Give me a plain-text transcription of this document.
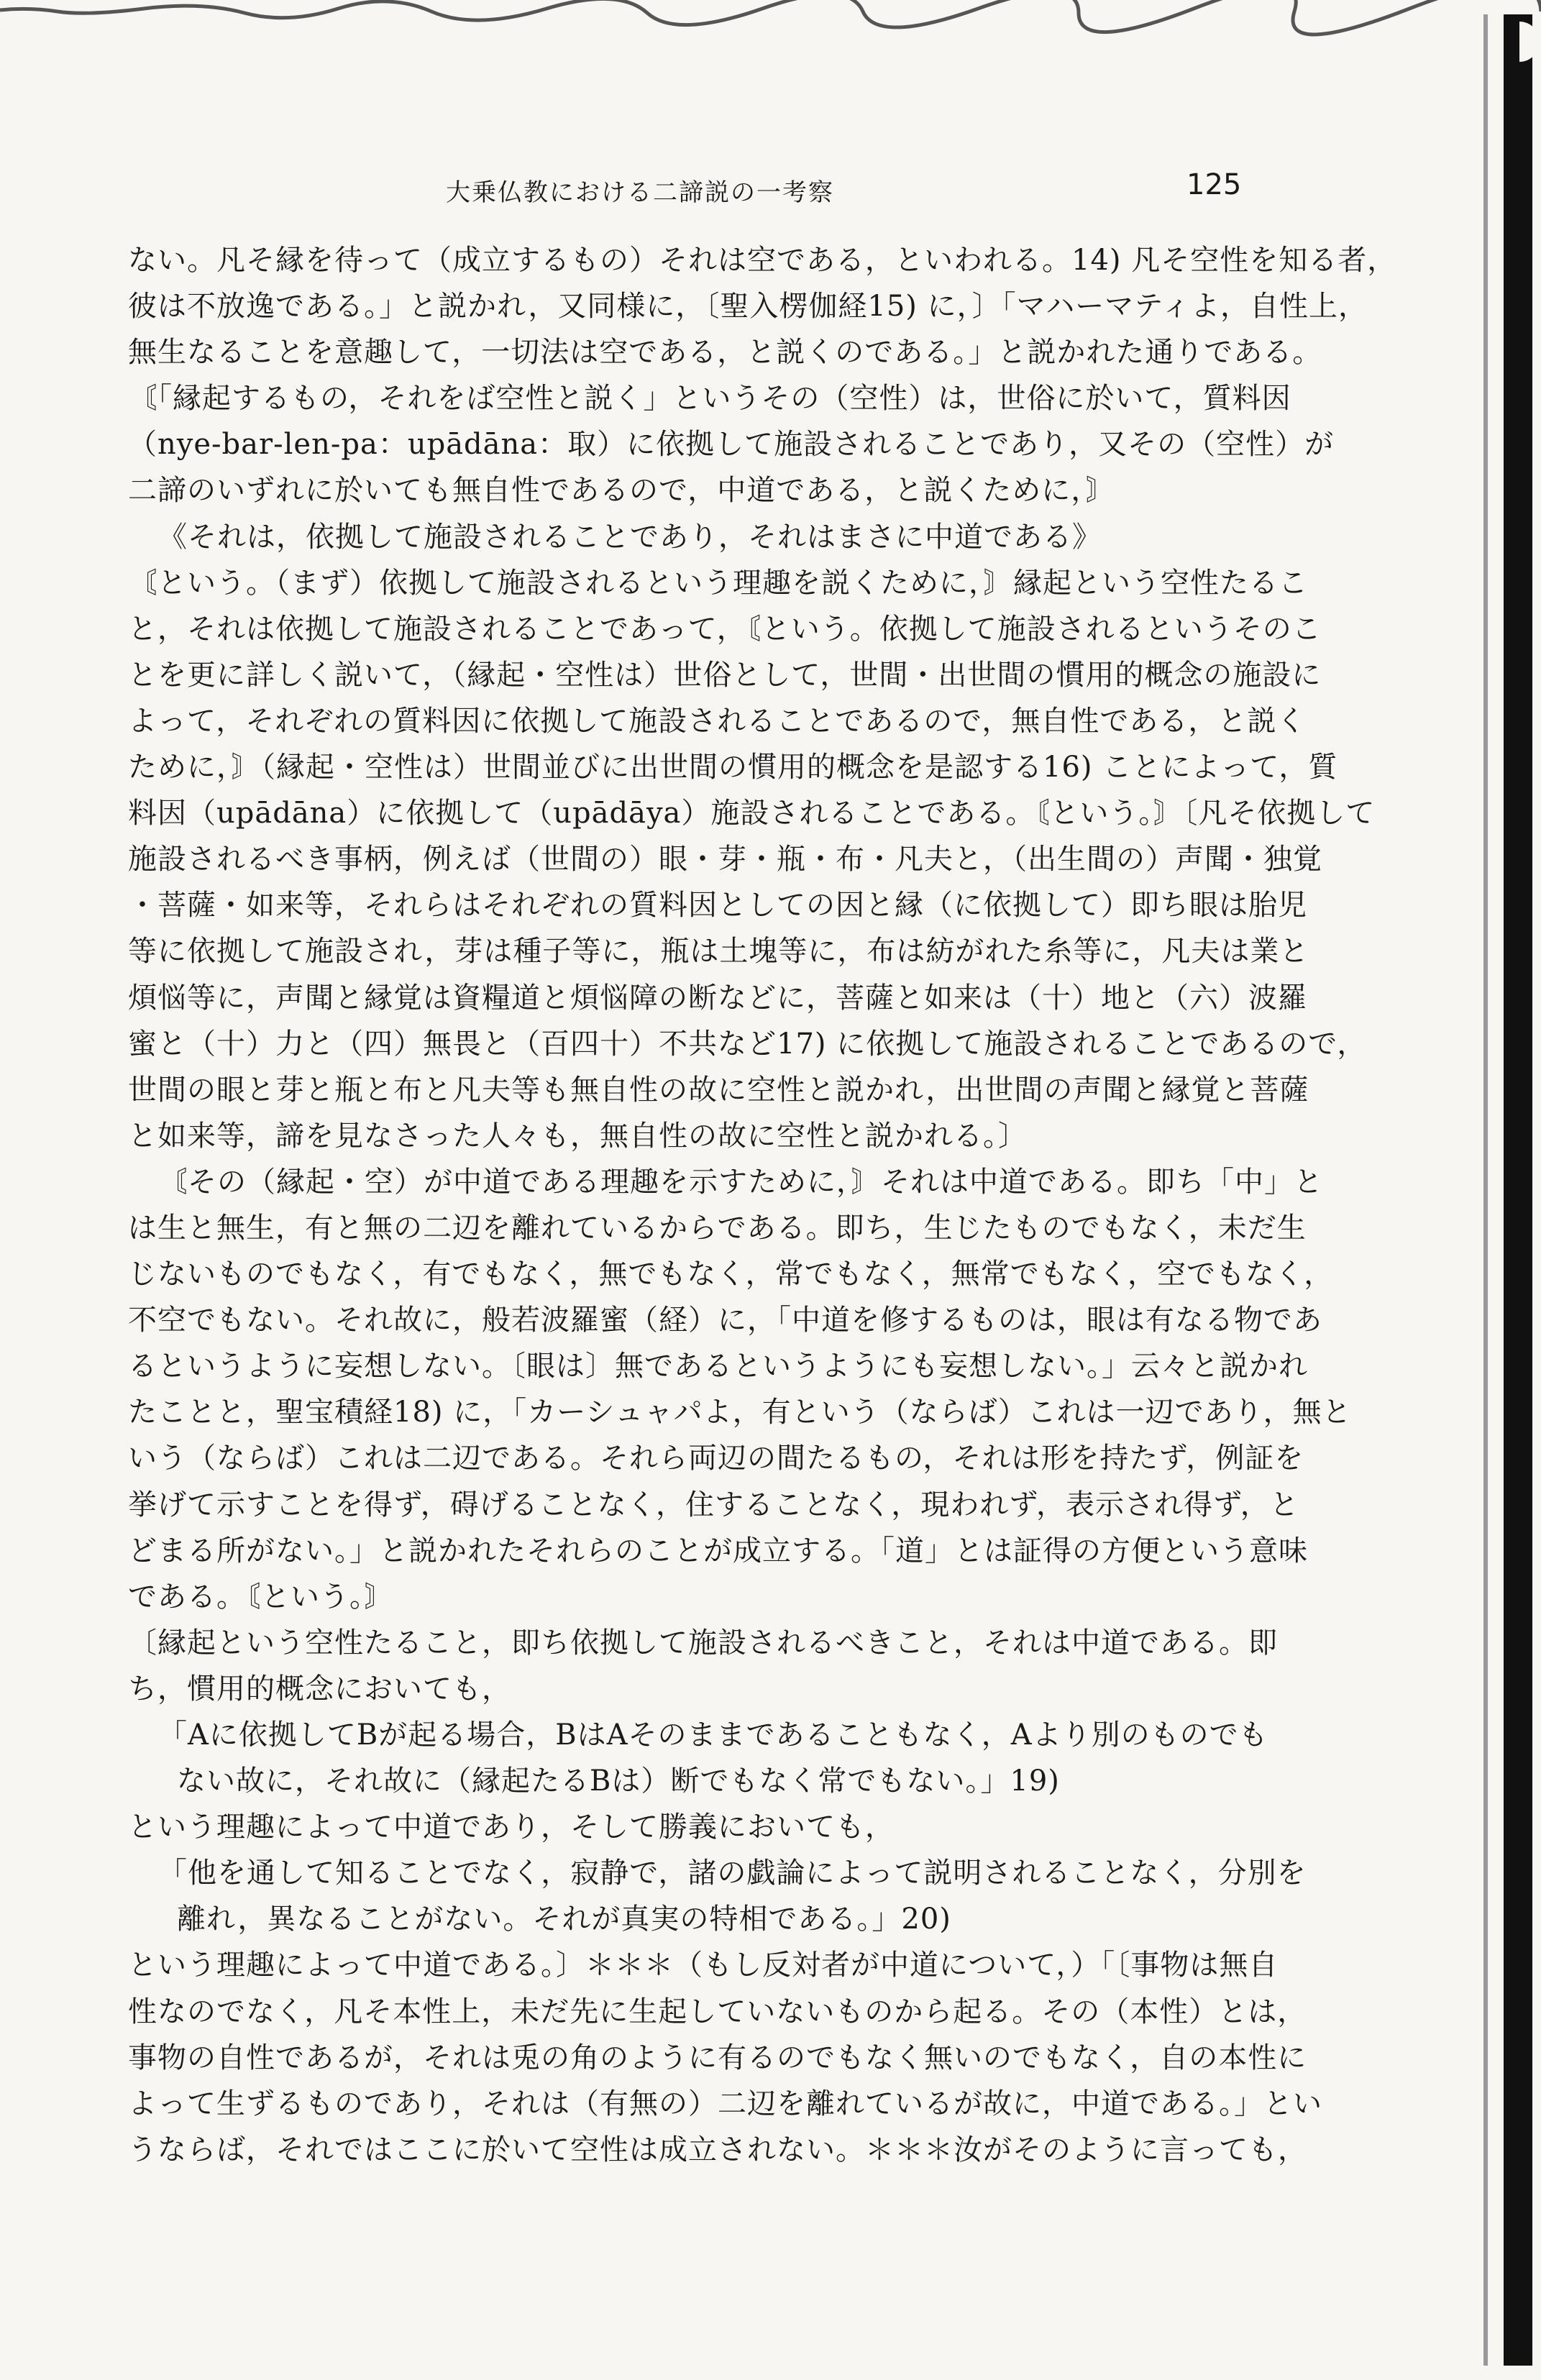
大乗仏教における二諦説の一考察	125
ない。凡そ縁を待って（成立するもの）それは空である，といわれる。14) 凡そ空性を知る者，
彼は不放逸である。」と説かれ，又同様に，〔聖入楞伽経15) に，〕「マハーマティよ，自性上，
無生なることを意趣して，一切法は空である，と説くのである。」と説かれた通りである。
〘「縁起するもの，それをば空性と説く」というその（空性）は，世俗に於いて，質料因
（nye-bar-len-pa：upādāna：取）に依拠して施設されることであり，又その（空性）が
二諦のいずれに於いても無自性であるので，中道である，と説くために，〙
《それは，依拠して施設されることであり，それはまさに中道である》
〘という。（まず）依拠して施設されるという理趣を説くために，〙縁起という空性たるこ
と，それは依拠して施設されることであって，〘という。依拠して施設されるというそのこ
とを更に詳しく説いて，（縁起・空性は）世俗として，世間・出世間の慣用的概念の施設に
よって，それぞれの質料因に依拠して施設されることであるので，無自性である，と説く
ために，〙（縁起・空性は）世間並びに出世間の慣用的概念を是認する16) ことによって，質
料因（upādāna）に依拠して（upādāya）施設されることである。〘という。〙〔凡そ依拠して
施設されるべき事柄，例えば（世間の）眼・芽・瓶・布・凡夫と，（出生間の）声聞・独覚
・菩薩・如来等，それらはそれぞれの質料因としての因と縁（に依拠して）即ち眼は胎児
等に依拠して施設され，芽は種子等に，瓶は土塊等に，布は紡がれた糸等に，凡夫は業と
煩悩等に，声聞と縁覚は資糧道と煩悩障の断などに，菩薩と如来は（十）地と（六）波羅
蜜と（十）力と（四）無畏と（百四十）不共など17) に依拠して施設されることであるので，
世間の眼と芽と瓶と布と凡夫等も無自性の故に空性と説かれ，出世間の声聞と縁覚と菩薩
と如来等，諦を見なさった人々も，無自性の故に空性と説かれる。〕
〘その（縁起・空）が中道である理趣を示すために，〙それは中道である。即ち「中」と
は生と無生，有と無の二辺を離れているからである。即ち，生じたものでもなく，未だ生
じないものでもなく，有でもなく，無でもなく，常でもなく，無常でもなく，空でもなく，
不空でもない。それ故に，般若波羅蜜（経）に，「中道を修するものは，眼は有なる物であ
るというように妄想しない。〔眼は〕無であるというようにも妄想しない。」云々と説かれ
たことと，聖宝積経18) に，「カーシュャパよ，有という（ならば）これは一辺であり，無と
いう（ならば）これは二辺である。それら両辺の間たるもの，それは形を持たず，例証を
挙げて示すことを得ず，碍げることなく，住することなく，現われず，表示され得ず，と
どまる所がない。」と説かれたそれらのことが成立する。「道」とは証得の方便という意味
である。〘という。〙
〔縁起という空性たること，即ち依拠して施設されるべきこと，それは中道である。即
ち，慣用的概念においても，
「Aに依拠してBが起る場合，BはAそのままであることもなく，Aより別のものでも
ない故に，それ故に（縁起たるBは）断でもなく常でもない。」19)
という理趣によって中道であり，そして勝義においても，
「他を通して知ることでなく，寂静で，諸の戯論によって説明されることなく，分別を
離れ，異なることがない。それが真実の特相である。」20)
という理趣によって中道である。〕＊＊＊（もし反対者が中道について，）「〔事物は無自
性なのでなく，凡そ本性上，未だ先に生起していないものから起る。その（本性）とは，
事物の自性であるが，それは兎の角のように有るのでもなく無いのでもなく，自の本性に
よって生ずるものであり，それは（有無の）二辺を離れているが故に，中道である。」とい
うならば，それではここに於いて空性は成立されない。＊＊＊汝がそのように言っても，
